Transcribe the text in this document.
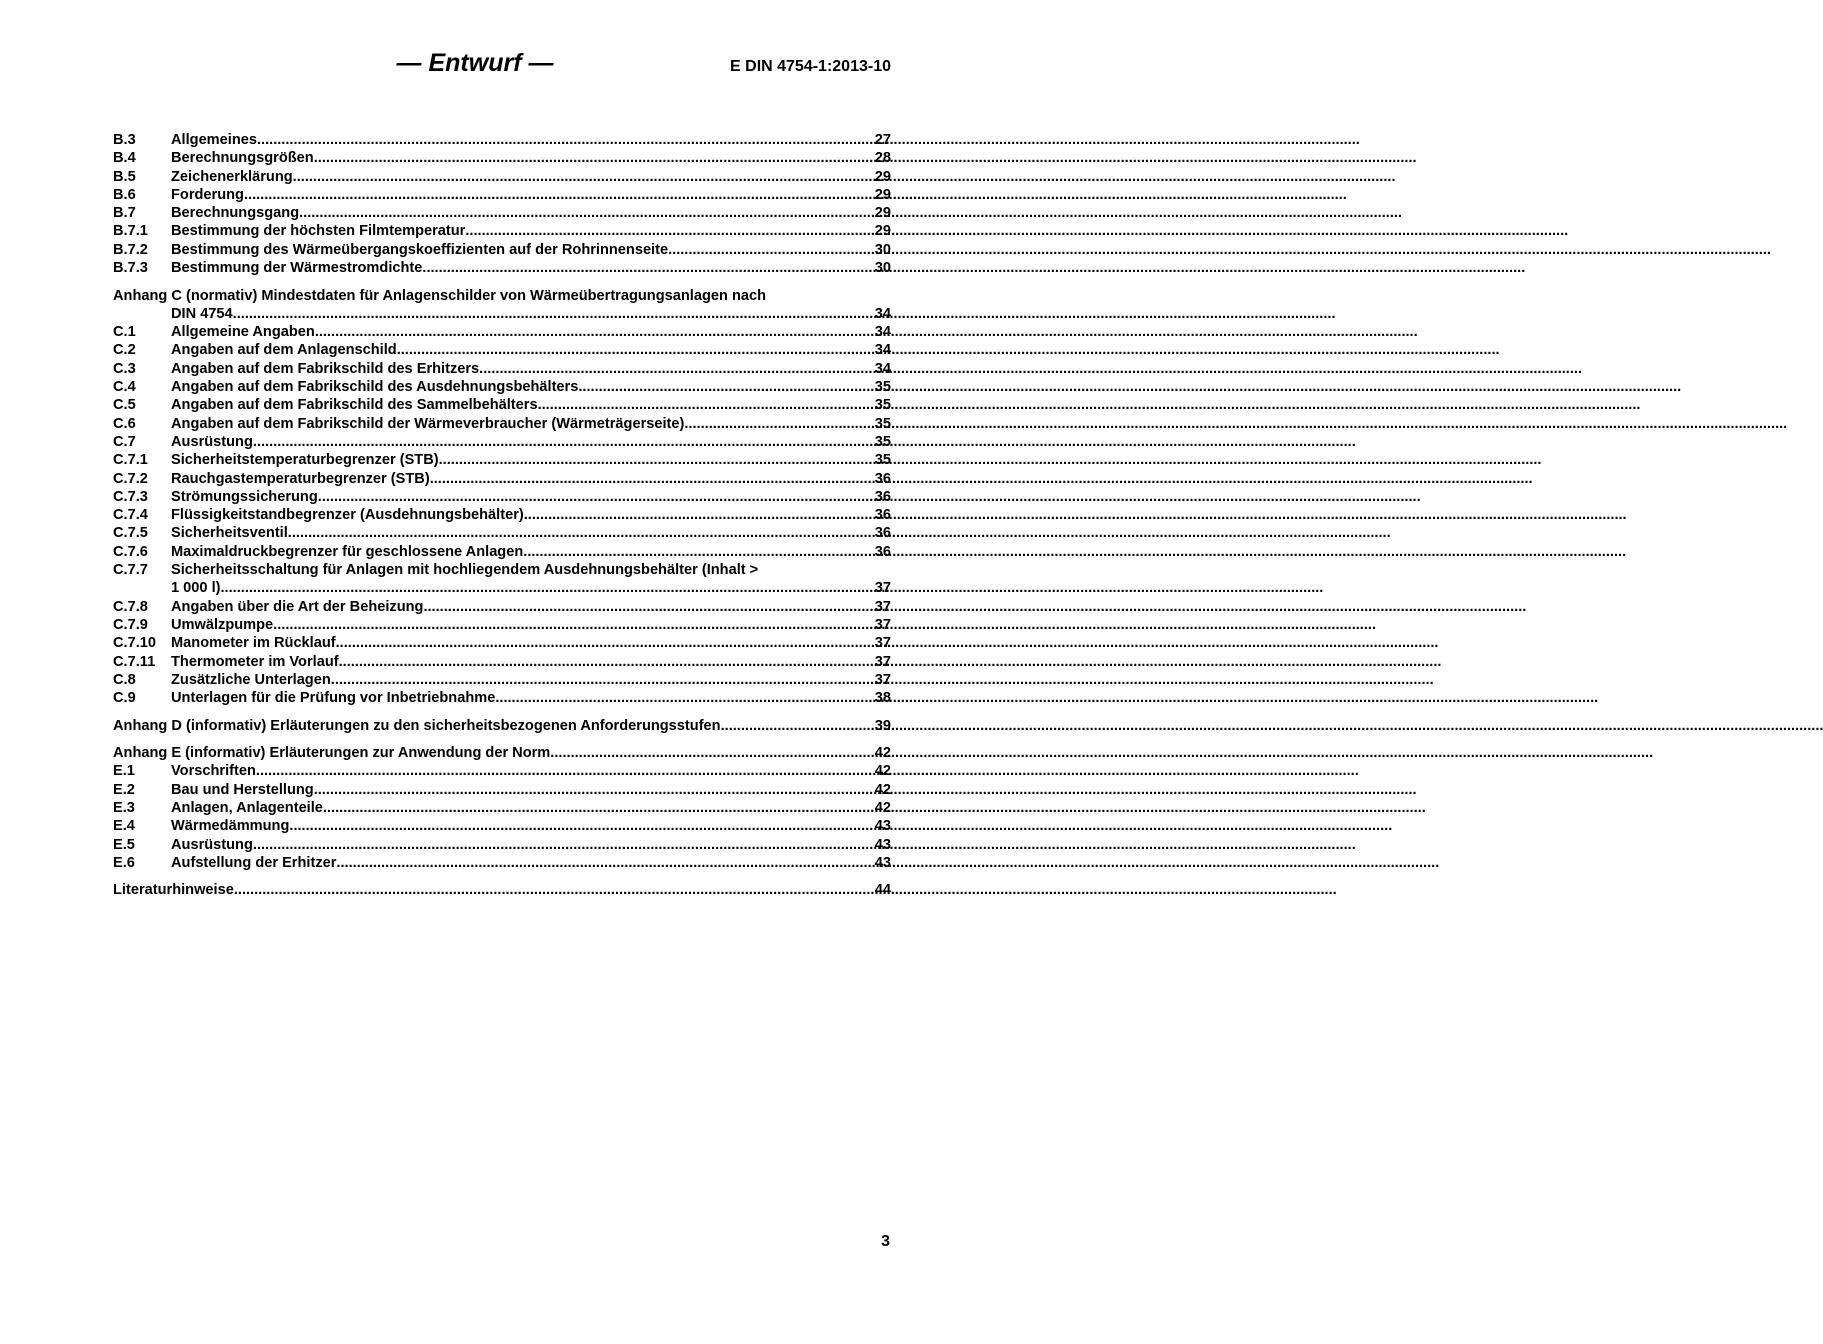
— Entwurf —	E DIN 4754-1:2013-10
B.3	Allgemeines .....	27
B.4	Berechnungsgrößen .....	28
B.5	Zeichenerklärung .....	29
B.6	Forderung .....	29
B.7	Berechnungsgang .....	29
B.7.1	Bestimmung der höchsten Filmtemperatur .....	29
B.7.2	Bestimmung des Wärmeübergangskoeffizienten auf der Rohrinnenseite .....	30
B.7.3	Bestimmung der Wärmestromdichte .....	30
Anhang C (normativ) Mindestdaten für Anlagenschilder von Wärmeübertragungsanlagen nach
DIN 4754 .....	34
C.1	Allgemeine Angaben .....	34
C.2	Angaben auf dem Anlagenschild .....	34
C.3	Angaben auf dem Fabrikschild des Erhitzers .....	34
C.4	Angaben auf dem Fabrikschild des Ausdehnungsbehälters .....	35
C.5	Angaben auf dem Fabrikschild des Sammelbehälters .....	35
C.6	Angaben auf dem Fabrikschild der Wärmeverbraucher (Wärmeträgerseite) .....	35
C.7	Ausrüstung .....	35
C.7.1	Sicherheitstemperaturbegrenzer (STB) .....	35
C.7.2	Rauchgastemperaturbegrenzer (STB) .....	36
C.7.3	Strömungssicherung .....	36
C.7.4	Flüssigkeitstandbegrenzer (Ausdehnungsbehälter) .....	36
C.7.5	Sicherheitsventil .....	36
C.7.6	Maximaldruckbegrenzer für geschlossene Anlagen .....	36
C.7.7	Sicherheitsschaltung für Anlagen mit hochliegendem Ausdehnungsbehälter (Inhalt >
1 000 l) .....	37
C.7.8	Angaben über die Art der Beheizung .....	37
C.7.9	Umwälzpumpe .....	37
C.7.10	Manometer im Rücklauf .....	37
C.7.11	Thermometer im Vorlauf .....	37
C.8	Zusätzliche Unterlagen .....	37
C.9	Unterlagen für die Prüfung vor Inbetriebnahme .....	38
Anhang D (informativ) Erläuterungen zu den sicherheitsbezogenen Anforderungsstufen .....	39
Anhang E (informativ) Erläuterungen zur Anwendung der Norm .....	42
E.1	Vorschriften .....	42
E.2	Bau und Herstellung .....	42
E.3	Anlagen, Anlagenteile .....	42
E.4	Wärmedämmung .....	43
E.5	Ausrüstung .....	43
E.6	Aufstellung der Erhitzer .....	43
Literaturhinweise .....	44
3
